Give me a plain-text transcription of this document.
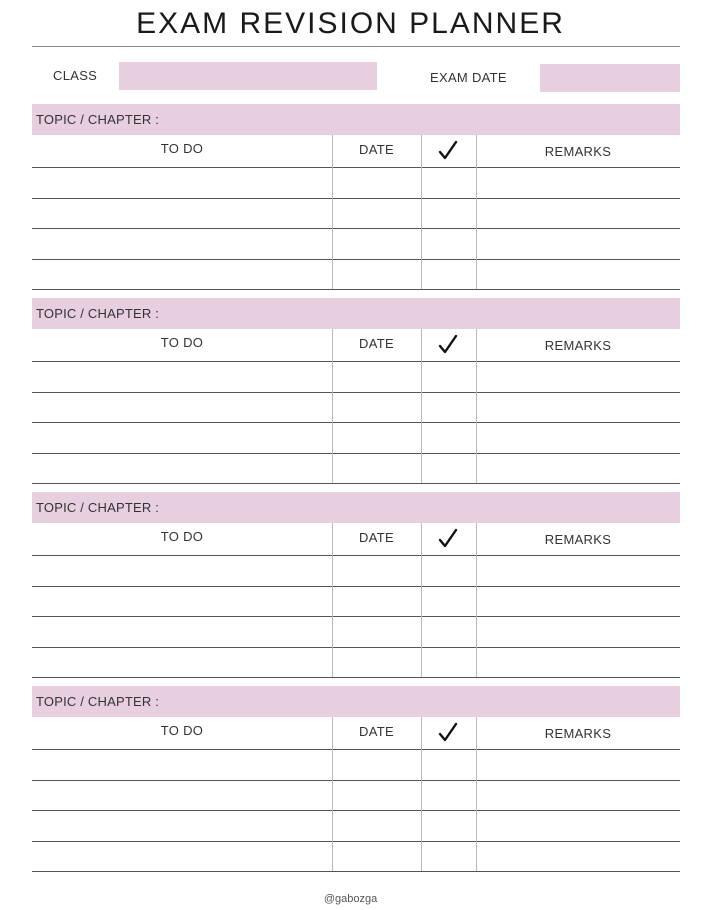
EXAM REVISION PLANNER
CLASS	EXAM DATE
TOPIC / CHAPTER :
TO DO	DATE	REMARKS
TOPIC / CHAPTER :
TO DO	DATE	REMARKS
TOPIC / CHAPTER :
TO DO	DATE	REMARKS
TOPIC / CHAPTER :
TO DO	DATE	REMARKS
@gabozga
